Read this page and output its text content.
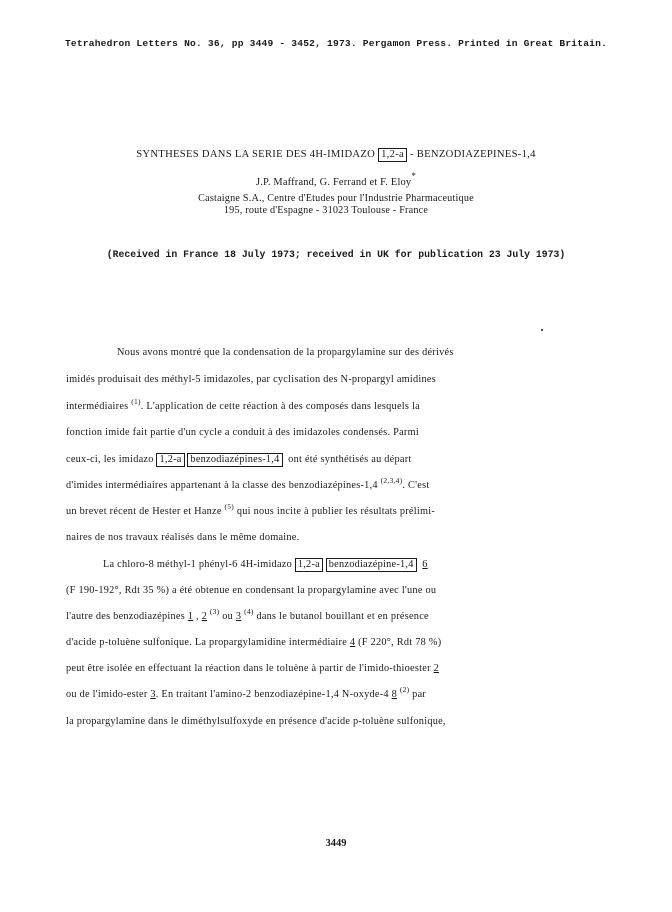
Tetrahedron Letters No. 36, pp 3449 - 3452, 1973. Pergamon Press. Printed in Great Britain.
SYNTHESES DANS LA SERIE DES 4H-IMIDAZO 1,2-a - BENZODIAZEPINES-1,4
J.P. Maffrand, G. Ferrand et F. Eloy*
Castaigne S.A., Centre d'Etudes pour l'Industrie Pharmaceutique
195, route d'Espagne - 31023 Toulouse - France
(Received in France 18 July 1973; received in UK for publication 23 July 1973)
Nous avons montré que la condensation de la propargylamine sur des dérivés
imidés produisait des méthyl-5 imidazoles, par cyclisation des N-propargyl amidines
intermédiaires $^{(1)}$. L'application de cette réaction à des composés dans lesquels la
fonction imide fait partie d'un cycle a conduit à des imidazoles condensés. Parmi
ceux-ci, les imidazo 1,2-a benzodiazépines-1,4 ont été synthétisés au départ
d'imides intermédiaires appartenant à la classe des benzodiazépines-1,4 $^{(2,3,4)}$. C'est
un brevet récent de Hester et Hanze $^{(5)}$ qui nous incite à publier les résultats prélimi-
naires de nos travaux réalisés dans le même domaine.
La chloro-8 méthyl-1 phényl-6 4H-imidazo 1,2-a benzodiazépine-1,4 6
(F 190-192°, Rdt 35 %) a été obtenue en condensant la propargylamine avec l'une ou
l'autre des benzodiazépines 1 , 2 $^{(3)}$ ou 3 $^{(4)}$ dans le butanol bouillant et en présence
d'acide p-toluène sulfonique. La propargylamidine intermédiaire 4 (F 220°, Rdt 78 %)
peut être isolée en effectuant la réaction dans le toluène à partir de l'imido-thioester 2
ou de l'imido-ester 3. En traitant l'amino-2 benzodiazépine-1,4 N-oxyde-4 8 $^{(2)}$ par
la propargylamine dans le diméthylsulfoxyde en présence d'acide p-toluène sulfonique,
3449
